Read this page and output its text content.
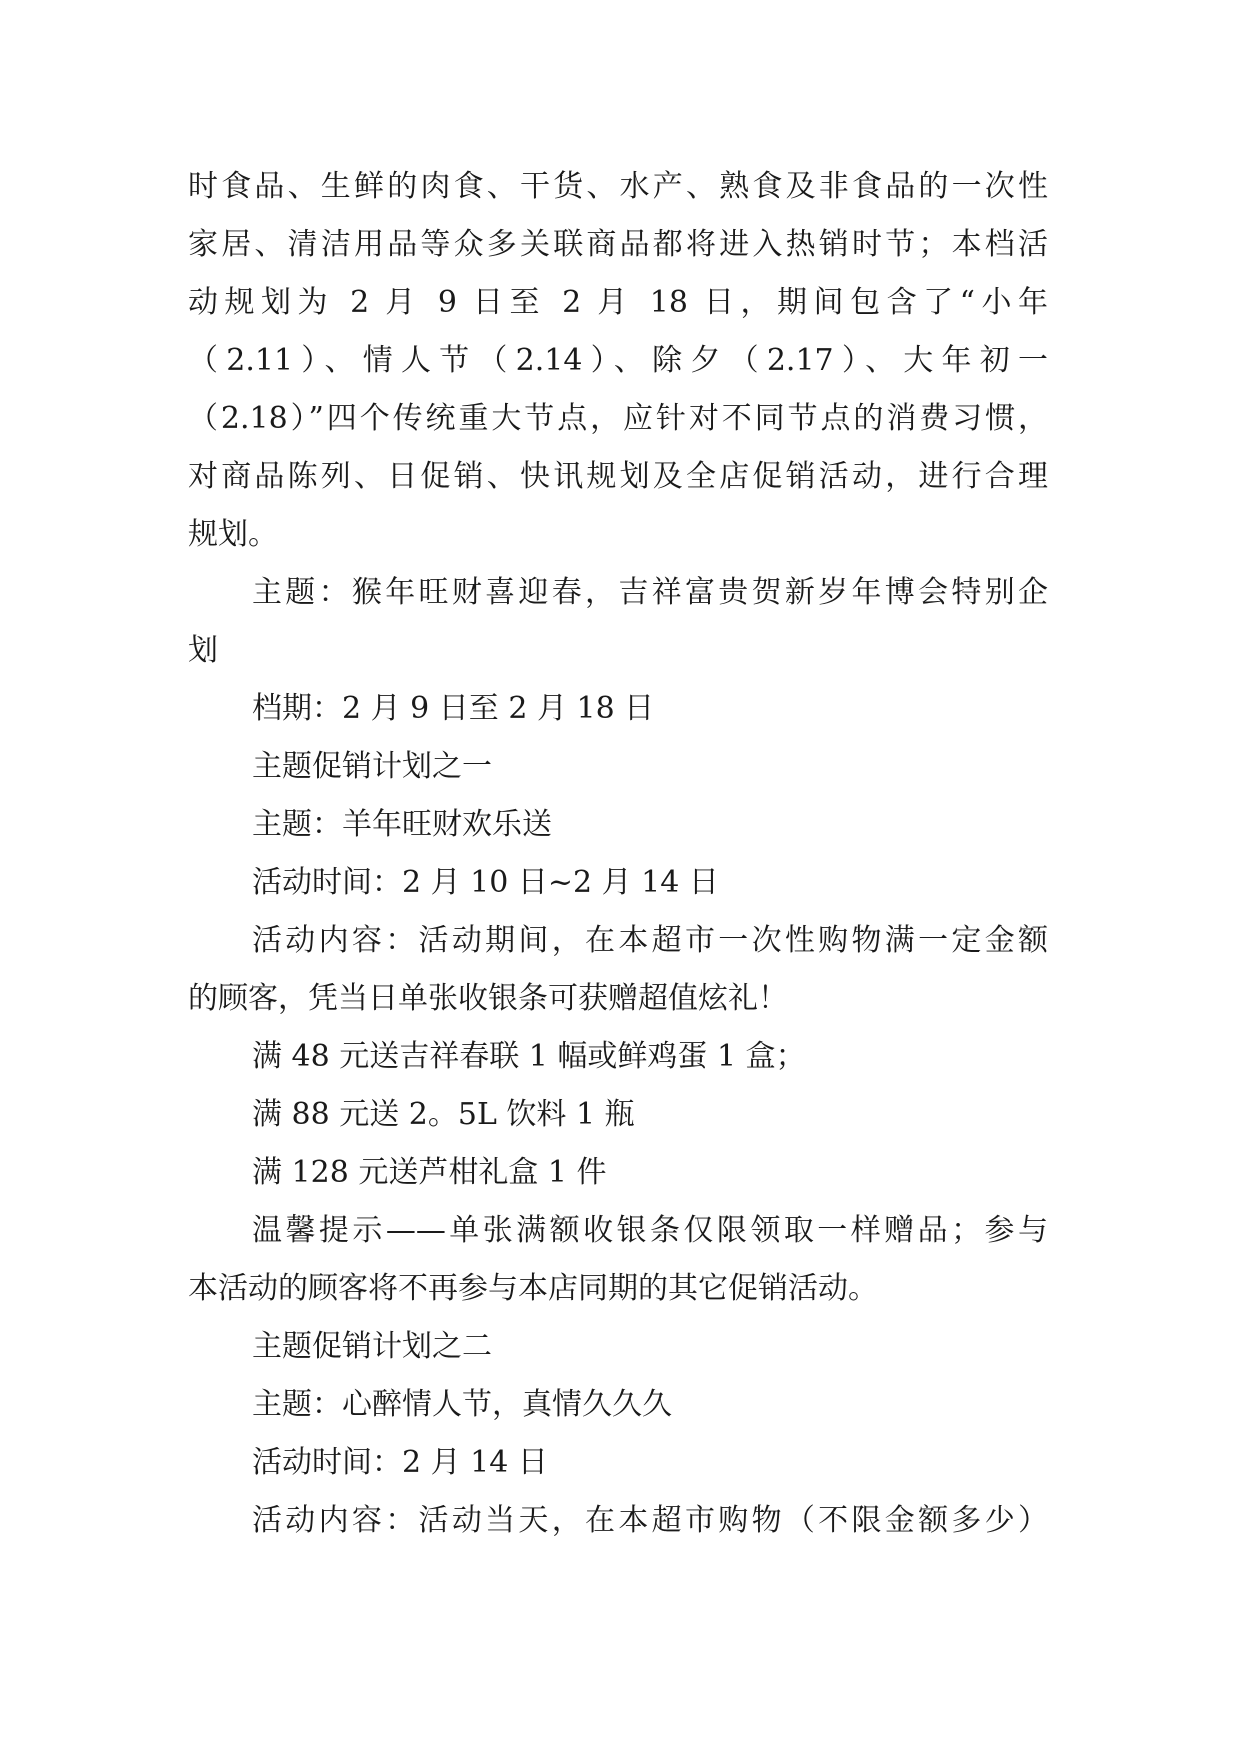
时食品、生鲜的肉食、干货、水产、熟食及非食品的一次性
家居、清洁用品等众多关联商品都将进入热销时节；本档活
动规划为 2 月 9 日至 2 月 18 日，期间包含了“小年
（2.11）、情人节（2.14）、除夕（2.17）、大年初一
（2.18）”四个传统重大节点，应针对不同节点的消费习惯，
对商品陈列、日促销、快讯规划及全店促销活动，进行合理
规划。
主题：猴年旺财喜迎春，吉祥富贵贺新岁年博会特别企
划
档期：2 月 9 日至 2 月 18 日
主题促销计划之一
主题：羊年旺财欢乐送
活动时间：2 月 10 日~2 月 14 日
活动内容：活动期间，在本超市一次性购物满一定金额
的顾客，凭当日单张收银条可获赠超值炫礼！
满 48 元送吉祥春联 1 幅或鲜鸡蛋 1 盒；
满 88 元送 2。5L 饮料 1 瓶
满 128 元送芦柑礼盒 1 件
温馨提示——单张满额收银条仅限领取一样赠品；参与
本活动的顾客将不再参与本店同期的其它促销活动。
主题促销计划之二
主题：心醉情人节，真情久久久
活动时间：2 月 14 日
活动内容：活动当天，在本超市购物（不限金额多少）
